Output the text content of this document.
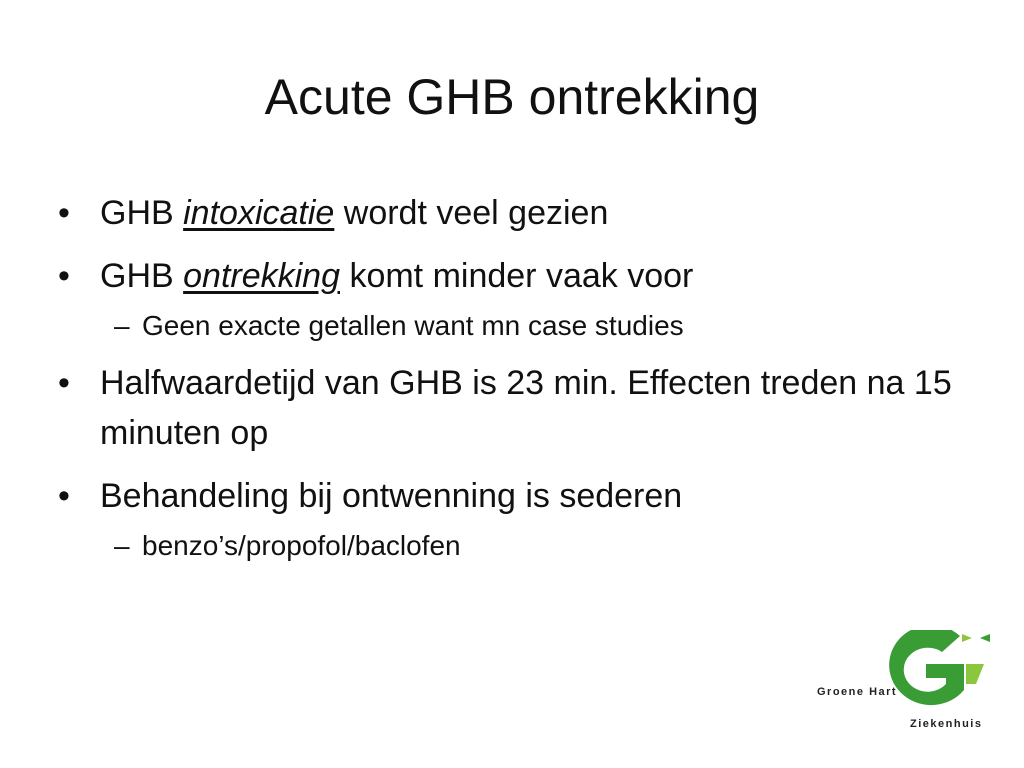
Acute GHB ontrekking
• GHB intoxicatie wordt veel gezien
• GHB ontrekking komt minder vaak voor
– Geen exacte getallen want mn case studies
• Halfwaardetijd van GHB is 23 min. Effecten treden na 15 minuten op
• Behandeling bij ontwenning is sederen
– benzo’s/propofol/baclofen
Groene Hart
Ziekenhuis
